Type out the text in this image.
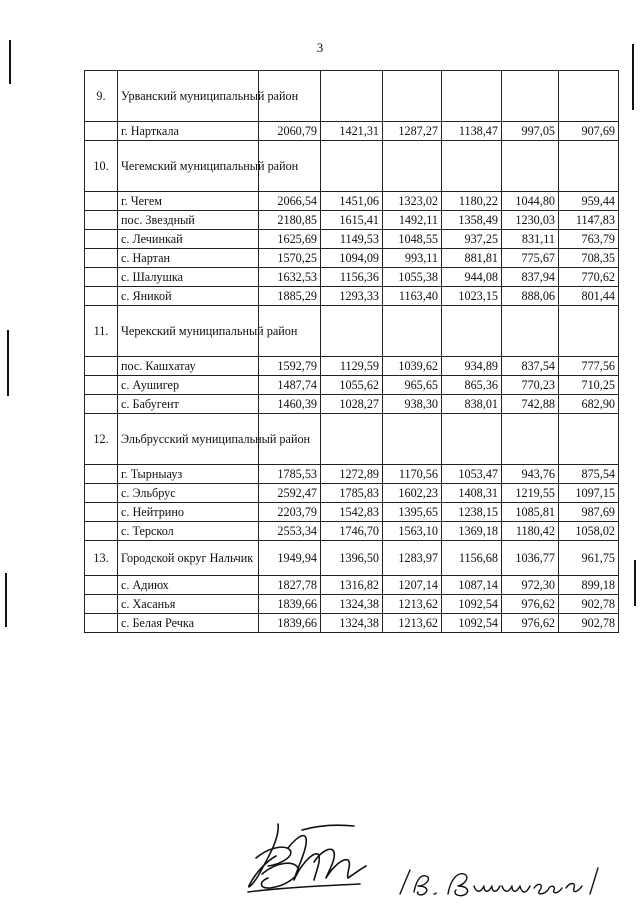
3
9.	Урванский муниципальный район						
	г. Нарткала	2060,79	1421,31	1287,27	1138,47	997,05	907,69
10.	Чегемский муниципальный район						
	г. Чегем	2066,54	1451,06	1323,02	1180,22	1044,80	959,44
	пос. Звездный	2180,85	1615,41	1492,11	1358,49	1230,03	1147,83
	с. Лечинкай	1625,69	1149,53	1048,55	937,25	831,11	763,79
	с. Нартан	1570,25	1094,09	993,11	881,81	775,67	708,35
	с. Шалушка	1632,53	1156,36	1055,38	944,08	837,94	770,62
	с. Яникой	1885,29	1293,33	1163,40	1023,15	888,06	801,44
11.	Черекский муниципальный район						
	пос. Кашхатау	1592,79	1129,59	1039,62	934,89	837,54	777,56
	с. Аушигер	1487,74	1055,62	965,65	865,36	770,23	710,25
	с. Бабугент	1460,39	1028,27	938,30	838,01	742,88	682,90
12.	Эльбрусский муниципальный район						
	г. Тырныауз	1785,53	1272,89	1170,56	1053,47	943,76	875,54
	с. Эльбрус	2592,47	1785,83	1602,23	1408,31	1219,55	1097,15
	с. Нейтрино	2203,79	1542,83	1395,65	1238,15	1085,81	987,69
	с. Терскол	2553,34	1746,70	1563,10	1369,18	1180,42	1058,02
13.	Городской округ Нальчик	1949,94	1396,50	1283,97	1156,68	1036,77	961,75
	с. Адиюх	1827,78	1316,82	1207,14	1087,14	972,30	899,18
	с. Хасанья	1839,66	1324,38	1213,62	1092,54	976,62	902,78
	с. Белая Речка	1839,66	1324,38	1213,62	1092,54	976,62	902,78
